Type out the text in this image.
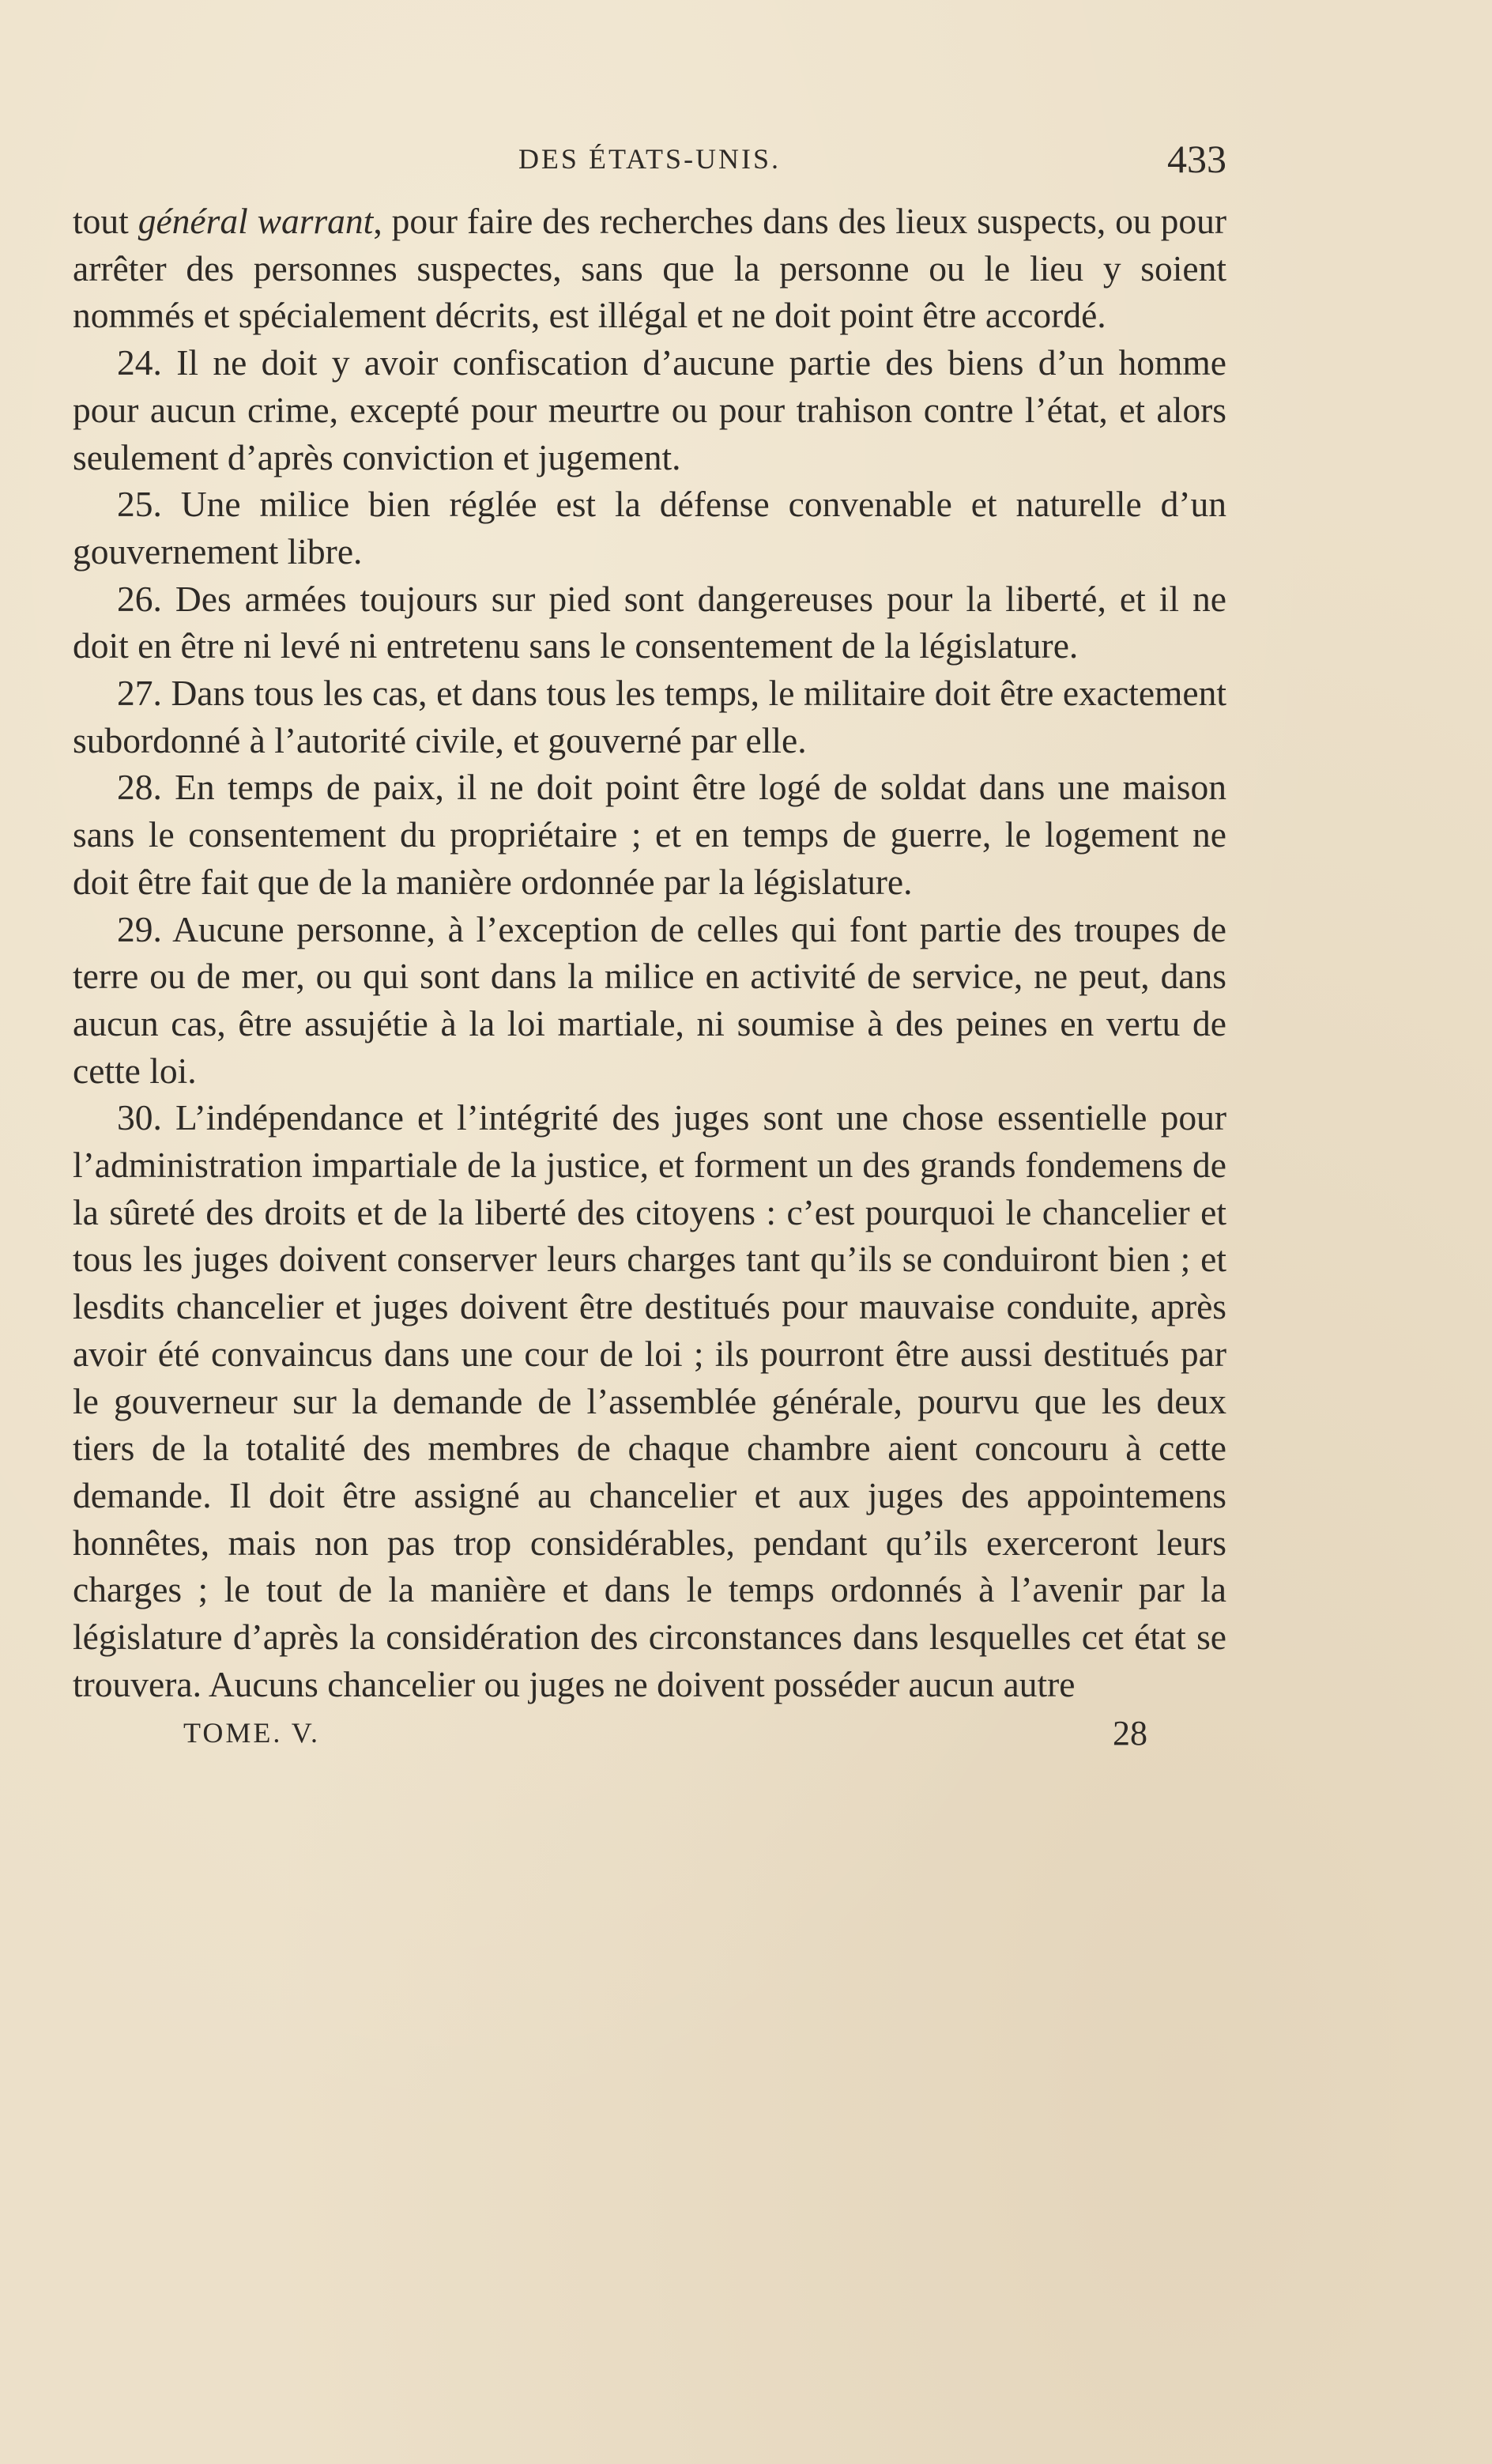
DES ÉTATS-UNIS.	433

tout général warrant, pour faire des recherches dans des lieux suspects, ou pour arrêter des personnes suspectes, sans que la personne ou le lieu y soient nommés et spécialement décrits, est illégal et ne doit point être accordé.

24. Il ne doit y avoir confiscation d’aucune partie des biens d’un homme pour aucun crime, excepté pour meurtre ou pour trahison contre l’état, et alors seulement d’après conviction et jugement.

25. Une milice bien réglée est la défense convenable et naturelle d’un gouvernement libre.

26. Des armées toujours sur pied sont dangereuses pour la liberté, et il ne doit en être ni levé ni entretenu sans le consentement de la législature.

27. Dans tous les cas, et dans tous les temps, le militaire doit être exactement subordonné à l’autorité civile, et gouverné par elle.

28. En temps de paix, il ne doit point être logé de soldat dans une maison sans le consentement du propriétaire ; et en temps de guerre, le logement ne doit être fait que de la manière ordonnée par la législature.

29. Aucune personne, à l’exception de celles qui font partie des troupes de terre ou de mer, ou qui sont dans la milice en activité de service, ne peut, dans aucun cas, être assujétie à la loi martiale, ni soumise à des peines en vertu de cette loi.

30. L’indépendance et l’intégrité des juges sont une chose essentielle pour l’administration impartiale de la justice, et forment un des grands fondemens de la sûreté des droits et de la liberté des citoyens : c’est pourquoi le chancelier et tous les juges doivent conserver leurs charges tant qu’ils se conduiront bien ; et lesdits chancelier et juges doivent être destitués pour mauvaise conduite, après avoir été convaincus dans une cour de loi ; ils pourront être aussi destitués par le gouverneur sur la demande de l’assemblée générale, pourvu que les deux tiers de la totalité des membres de chaque chambre aient concouru à cette demande. Il doit être assigné au chancelier et aux juges des appointemens honnêtes, mais non pas trop considérables, pendant qu’ils exerceront leurs charges ; le tout de la manière et dans le temps ordonnés à l’avenir par la législature d’après la considération des circonstances dans lesquelles cet état se trouvera. Aucuns chancelier ou juges ne doivent posséder aucun autre

TOME. V.	28
